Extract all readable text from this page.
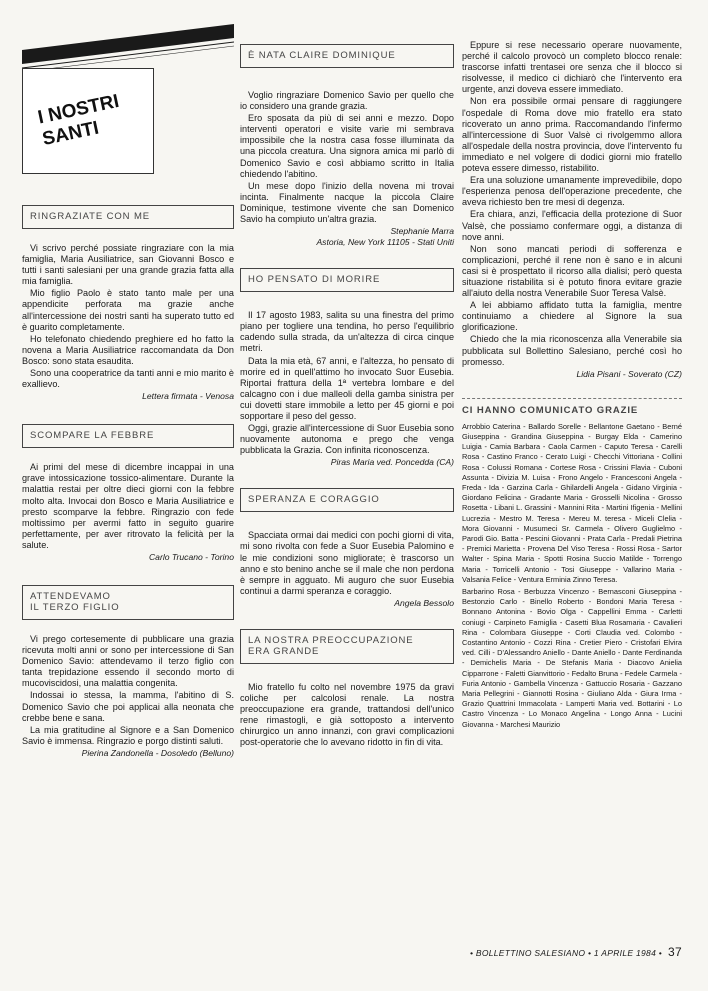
I NOSTRI SANTI
RINGRAZIATE CON ME

Vi scrivo perché possiate ringraziare con la mia famiglia, Maria Ausiliatrice, san Giovanni Bosco e tutti i santi salesiani per una grande grazia fatta alla mia famiglia.

Mio figlio Paolo è stato tanto male per una appendicite perforata ma grazie anche all'intercessione dei nostri santi ha superato tutto ed è guarito completamente.

Ho telefonato chiedendo preghiere ed ho fatto la novena a Maria Ausiliatrice raccomandata da Don Bosco: sono stata esaudita.

Sono una cooperatrice da tanti anni e mio marito è exallievo.

Lettera firmata - Venosa

SCOMPARE LA FEBBRE

Ai primi del mese di dicembre incappai in una grave intossicazione tossico-alimentare. Durante la malattia restai per oltre dieci giorni con la febbre molto alta. Invocai don Bosco e Maria Ausiliatrice e presto scomparve la febbre. Ringrazio con fede moltissimo per avermi fatto in seguito guarire perfettamente, per aver ritrovato la felicità per la salute.

Carlo Trucano - Torino

ATTENDEVAMO
IL TERZO FIGLIO

Vi prego cortesemente di pubblicare una grazia ricevuta molti anni or sono per intercessione di San Domenico Savio: attendevamo il terzo figlio con tanta trepidazione essendo il secondo morto di mucoviscidosi, una malattia congenita.

Indossai io stessa, la mamma, l'abitino di S. Domenico Savio che poi applicai alla neonata che crebbe bene e sana.

La mia gratitudine al Signore e a San Domenico Savio è immensa. Ringrazio e porgo distinti saluti.

Pierina Zandonella - Dosoledo (Belluno)

È NATA CLAIRE DOMINIQUE

Voglio ringraziare Domenico Savio per quello che io considero una grande grazia.

Ero sposata da più di sei anni e mezzo. Dopo interventi operatori e visite varie mi sembrava impossibile che la nostra casa fosse illuminata da una piccola creatura. Una signora amica mi parlò di Domenico Savio e così abbiamo scritto in Italia chiedendo l'abitino.

Un mese dopo l'inizio della novena mi trovai incinta. Finalmente nacque la piccola Claire Dominique, testimone vivente che san Domenico Savio ha compiuto un'altra grazia.

Stephanie Marra

Astoria, New York 11105 - Stati Uniti

HO PENSATO DI MORIRE

Il 17 agosto 1983, salita su una finestra del primo piano per togliere una tendina, ho perso l'equilibrio cadendo sulla strada, da un'altezza di circa cinque metri.

Data la mia età, 67 anni, e l'altezza, ho pensato di morire ed in quell'attimo ho invocato Suor Eusebia. Riportai frattura della 1ª vertebra lombare e del calcagno con i due malleoli della gamba sinistra per cui dovetti stare immobile a letto per 45 giorni e poi sopportare il peso del gesso.

Oggi, grazie all'intercessione di Suor Eusebia sono nuovamente autonoma e prego che venga pubblicata la Grazia. Con infinita riconoscenza.

Piras Maria ved. Poncedda (CA)

SPERANZA E CORAGGIO

Spacciata ormai dai medici con pochi giorni di vita, mi sono rivolta con fede a Suor Eusebia Palomino e le mie condizioni sono migliorate; è trascorso un anno e sto benino anche se il male che non perdona è sempre in agguato. Mi auguro che suor Eusebia continui a darmi speranza e coraggio.

Angela Bessolo

LA NOSTRA PREOCCUPAZIONE
ERA GRANDE

Mio fratello fu colto nel novembre 1975 da gravi coliche per calcolosi renale. La nostra preoccupazione era grande, trattandosi dell'unico rene rimastogli, e già sottoposto a intervento chirurgico un anno innanzi, con gravi complicazioni post-operatorie che lo avevano ridotto in fin di vita.

Eppure si rese necessario operare nuovamente, perché il calcolo provocò un completo blocco renale: trascorse infatti trentasei ore senza che il blocco si risolvesse, il medico ci dichiarò che l'intervento era urgente, anzi doveva essere immediato.

Non era possibile ormai pensare di raggiungere l'ospedale di Roma dove mio fratello era stato ricoverato un anno prima. Raccomandando l'infermo all'intercessione di Suor Valsè ci rivolgemmo allora all'ospedale della nostra provincia, dove l'intervento fu immediato e nel volgere di dodici giorni mio fratello poteva essere dimesso, ristabilito.

Era una soluzione umanamente imprevedibile, dopo l'esperienza penosa dell'operazione precedente, che aveva richiesto ben tre mesi di degenza.

Era chiara, anzi, l'efficacia della protezione di Suor Valsè, che possiamo confermare oggi, a distanza di nove anni.

Non sono mancati periodi di sofferenza e complicazioni, perché il rene non è sano e in alcuni casi si è prospettato il ricorso alla dialisi; però questa situazione ristabilita si è potuto finora evitare grazie all'aiuto della nostra Venerabile Suor Teresa Valsè.

A lei abbiamo affidato tutta la famiglia, mentre continuiamo a chiedere al Signore la sua glorificazione.

Chiedo che la mia riconoscenza alla Venerabile sia pubblicata sul Bollettino Salesiano, perché così ho promesso.

Lidia Pisani - Soverato (CZ)

CI HANNO COMUNICATO GRAZIE

Arrobbio Caterina - Ballardo Sorelle - Bellantone Gaetano - Berné Giuseppina - Grandina Giuseppina - Burgay Elda - Camerino Luigia - Camia Barbara - Caola Carmen - Caputo Teresa - Carelli Rosa - Castino Franco - Cerato Luigi - Checchi Vittoriana - Collini Rosa - Colussi Romana - Cortese Rosa - Crissini Flavia - Cuboni Assunta - Divizia M. Luisa - Frono Angelo - Francesconi Angela - Freda - Ida - Garzina Carla - Ghilardelli Angela - Gidano Virginia - Giordano Felicina - Gradante Maria - Grosselli Nicolina - Grosso Rosetta - Libani L. Grassini - Mannini Rita - Martini Ifigenia - Mellini Lucrezia - Mestro M. Teresa - Mereu M. teresa - Miceli Clelia - Mora Giovanni - Musumeci Sr. Carmela - Olivero Guglielmo - Parodi Gio. Batta - Pescini Giovanni - Prata Carla - Predali Pietrina - Premici Marietta - Provena Del Viso Teresa - Rossi Rosa - Sartor Walter - Spina Maria - Spotti Rosina Succio Matilde - Torrengo Maria - Torricelli Antonio - Tosi Giuseppe - Vallarino Maria - Valsania Felice - Ventura Erminia Zinno Teresa.

Barbarino Rosa - Berbuzza Vincenzo - Bernasconi Giuseppina - Bestonzio Carlo - Binello Roberto - Bondoni Maria Teresa - Bonnano Antonina - Bovio Olga - Cappellini Emma - Carletti coniugi - Carpineto Famiglia - Casetti Blua Rosamaria - Cavalieri Rina - Colombara Giuseppe - Corti Claudia ved. Colombo - Costantino Antonio - Cozzi Rina - Cretier Piero - Cristofari Elvira ved. Cilli - D'Alessandro Aniello - Dante Aniello - Dante Ferdinanda - Demichelis Maria - De Stefanis Maria - Diacovo Anielia Cipparrone - Faletti Gianvittorio - Fedalto Bruna - Fedele Carmela - Furia Antonio - Gambella Vincenza - Gattuccio Rosaria - Gazzano Maria Pellegrini - Giannotti Rosina - Giuliano Alda - Giura Irma - Grazio Quattrini Immacolata - Lamperti Maria ved. Bottarini - Lo Castro Vincenza - Lo Monaco Angelina - Longo Anna - Lucini Giovanna - Marchesi Maurizio

• BOLLETTINO SALESIANO • 1 APRILE 1984 • 37
